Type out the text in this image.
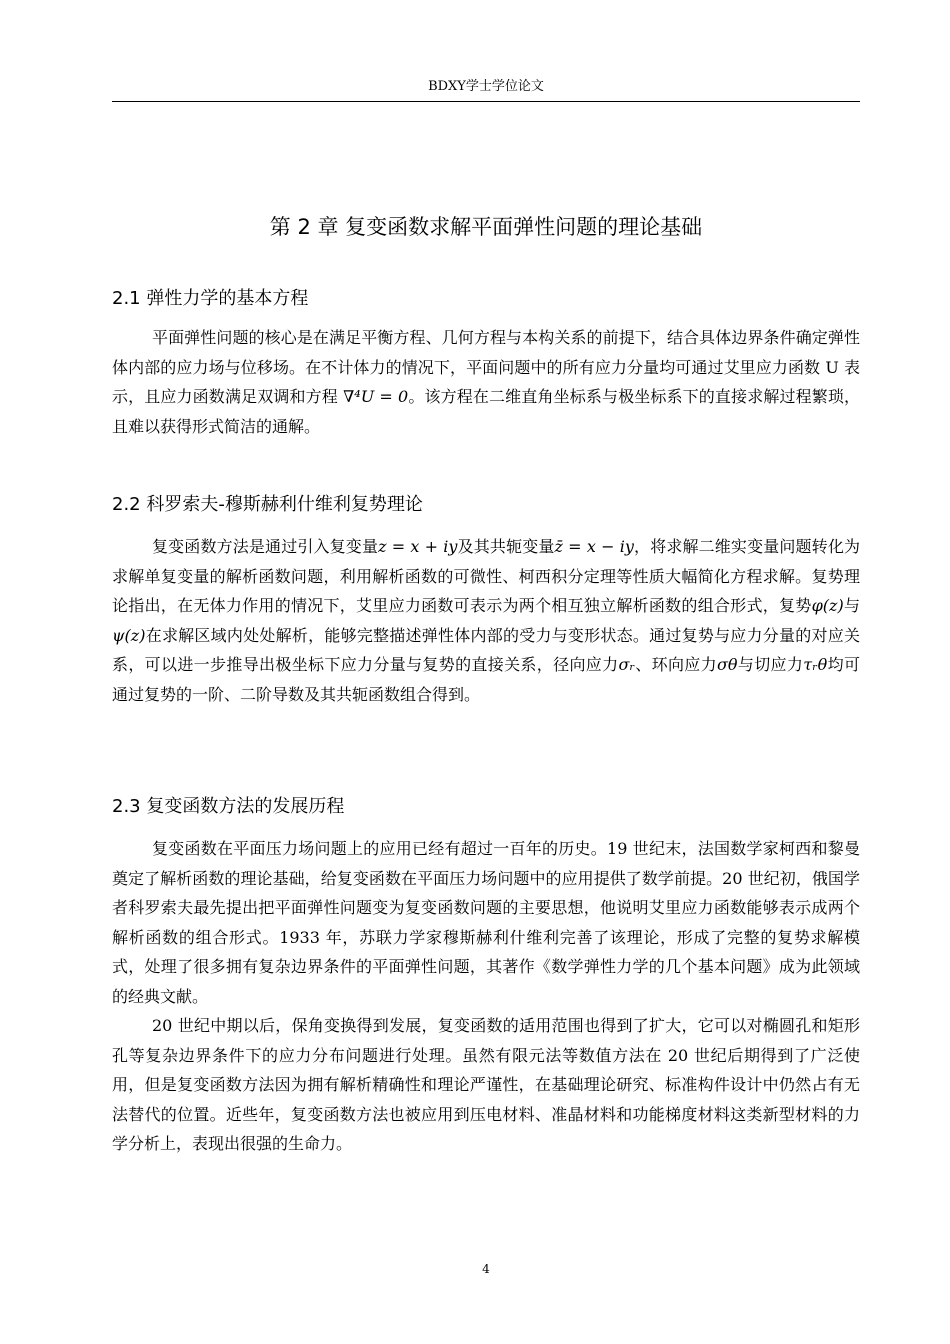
BDXY学士学位论文
第 2 章 复变函数求解平面弹性问题的理论基础
2.1 弹性力学的基本方程

平面弹性问题的核心是在满足平衡方程、几何方程与本构关系的前提下，结合具体边界条件确定弹性体内部的应力场与位移场。在不计体力的情况下，平面问题中的所有应力分量均可通过艾里应力函数 U 表示，且应力函数满足双调和方程 ∇⁴U = 0。该方程在二维直角坐标系与极坐标系下的直接求解过程繁琐，且难以获得形式简洁的通解。

2.2 科罗索夫-穆斯赫利什维利复势理论

复变函数方法是通过引入复变量z = x + iy及其共轭变量z̄ = x − iy，将求解二维实变量问题转化为求解单复变量的解析函数问题，利用解析函数的可微性、柯西积分定理等性质大幅简化方程求解。复势理论指出，在无体力作用的情况下，艾里应力函数可表示为两个相互独立解析函数的组合形式，复势φ(z)与ψ(z)在求解区域内处处解析，能够完整描述弹性体内部的受力与变形状态。通过复势与应力分量的对应关系，可以进一步推导出极坐标下应力分量与复势的直接关系，径向应力σᵣ、环向应力σθ与切应力τᵣθ均可通过复势的一阶、二阶导数及其共轭函数组合得到。

2.3 复变函数方法的发展历程

复变函数在平面压力场问题上的应用已经有超过一百年的历史。19 世纪末，法国数学家柯西和黎曼奠定了解析函数的理论基础，给复变函数在平面压力场问题中的应用提供了数学前提。20 世纪初，俄国学者科罗索夫最先提出把平面弹性问题变为复变函数问题的主要思想，他说明艾里应力函数能够表示成两个解析函数的组合形式。1933 年，苏联力学家穆斯赫利什维利完善了该理论，形成了完整的复势求解模式，处理了很多拥有复杂边界条件的平面弹性问题，其著作《数学弹性力学的几个基本问题》成为此领域的经典文献。

20 世纪中期以后，保角变换得到发展，复变函数的适用范围也得到了扩大，它可以对椭圆孔和矩形孔等复杂边界条件下的应力分布问题进行处理。虽然有限元法等数值方法在 20 世纪后期得到了广泛使用，但是复变函数方法因为拥有解析精确性和理论严谨性，在基础理论研究、标准构件设计中仍然占有无法替代的位置。近些年，复变函数方法也被应用到压电材料、准晶材料和功能梯度材料这类新型材料的力学分析上，表现出很强的生命力。

4
